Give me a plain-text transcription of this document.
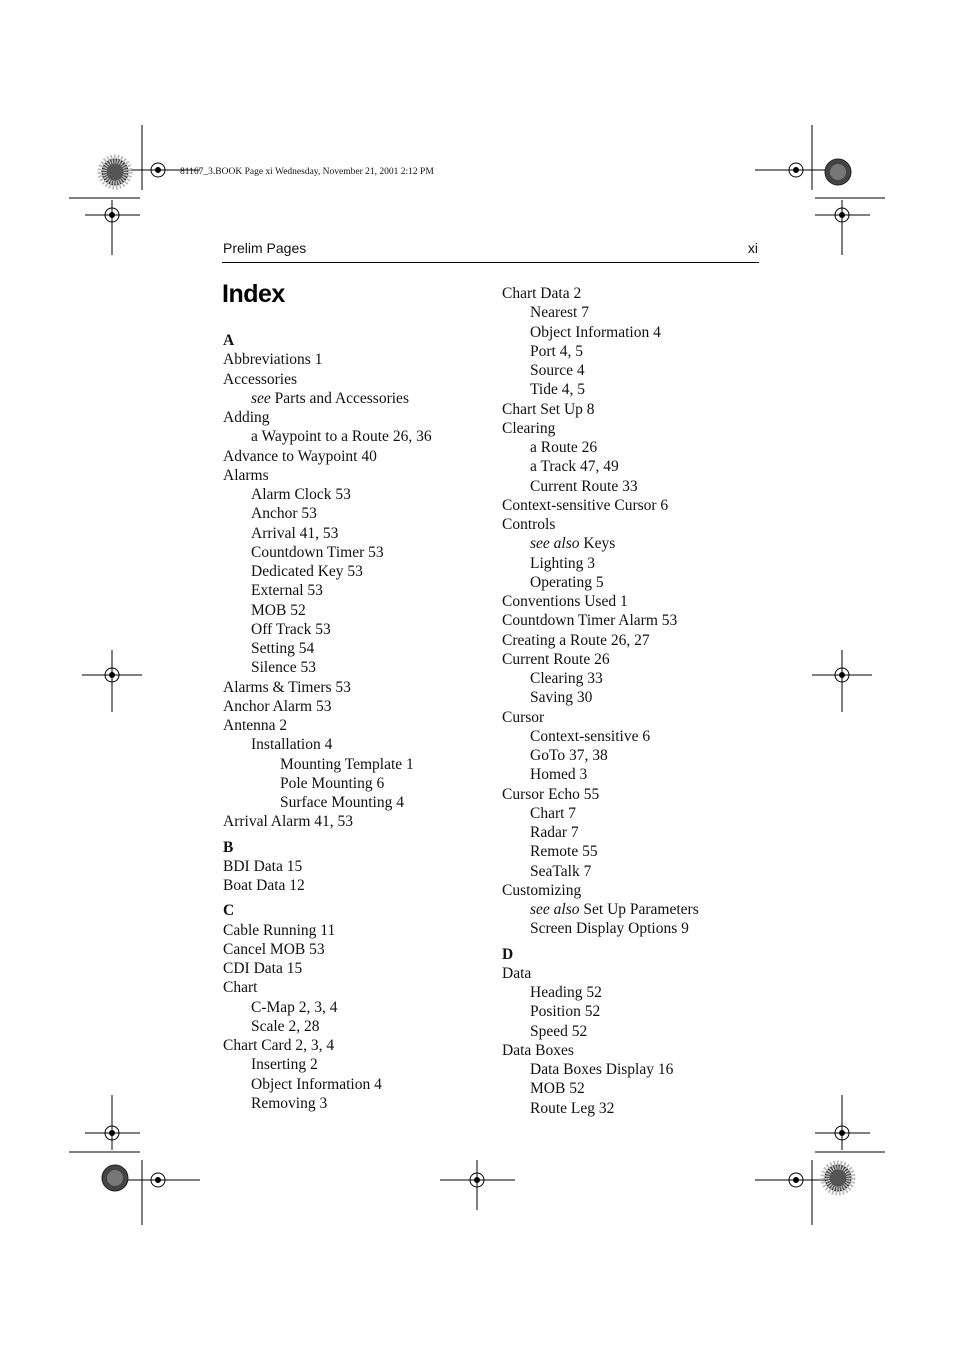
81167_3.BOOK Page xi Wednesday, November 21, 2001 2:12 PM
Prelim Pages	xi
Index
A
Abbreviations 1
Accessories
see Parts and Accessories
Adding
a Waypoint to a Route 26, 36
Advance to Waypoint 40
Alarms
Alarm Clock 53
Anchor 53
Arrival 41, 53
Countdown Timer 53
Dedicated Key 53
External 53
MOB 52
Off Track 53
Setting 54
Silence 53
Alarms & Timers 53
Anchor Alarm 53
Antenna 2
Installation 4
Mounting Template 1
Pole Mounting 6
Surface Mounting 4
Arrival Alarm 41, 53
B
BDI Data 15
Boat Data 12
C
Cable Running 11
Cancel MOB 53
CDI Data 15
Chart
C-Map 2, 3, 4
Scale 2, 28
Chart Card 2, 3, 4
Inserting 2
Object Information 4
Removing 3
Chart Data 2
Nearest 7
Object Information 4
Port 4, 5
Source 4
Tide 4, 5
Chart Set Up 8
Clearing
a Route 26
a Track 47, 49
Current Route 33
Context-sensitive Cursor 6
Controls
see also Keys
Lighting 3
Operating 5
Conventions Used 1
Countdown Timer Alarm 53
Creating a Route 26, 27
Current Route 26
Clearing 33
Saving 30
Cursor
Context-sensitive 6
GoTo 37, 38
Homed 3
Cursor Echo 55
Chart 7
Radar 7
Remote 55
SeaTalk 7
Customizing
see also Set Up Parameters
Screen Display Options 9
D
Data
Heading 52
Position 52
Speed 52
Data Boxes
Data Boxes Display 16
MOB 52
Route Leg 32
